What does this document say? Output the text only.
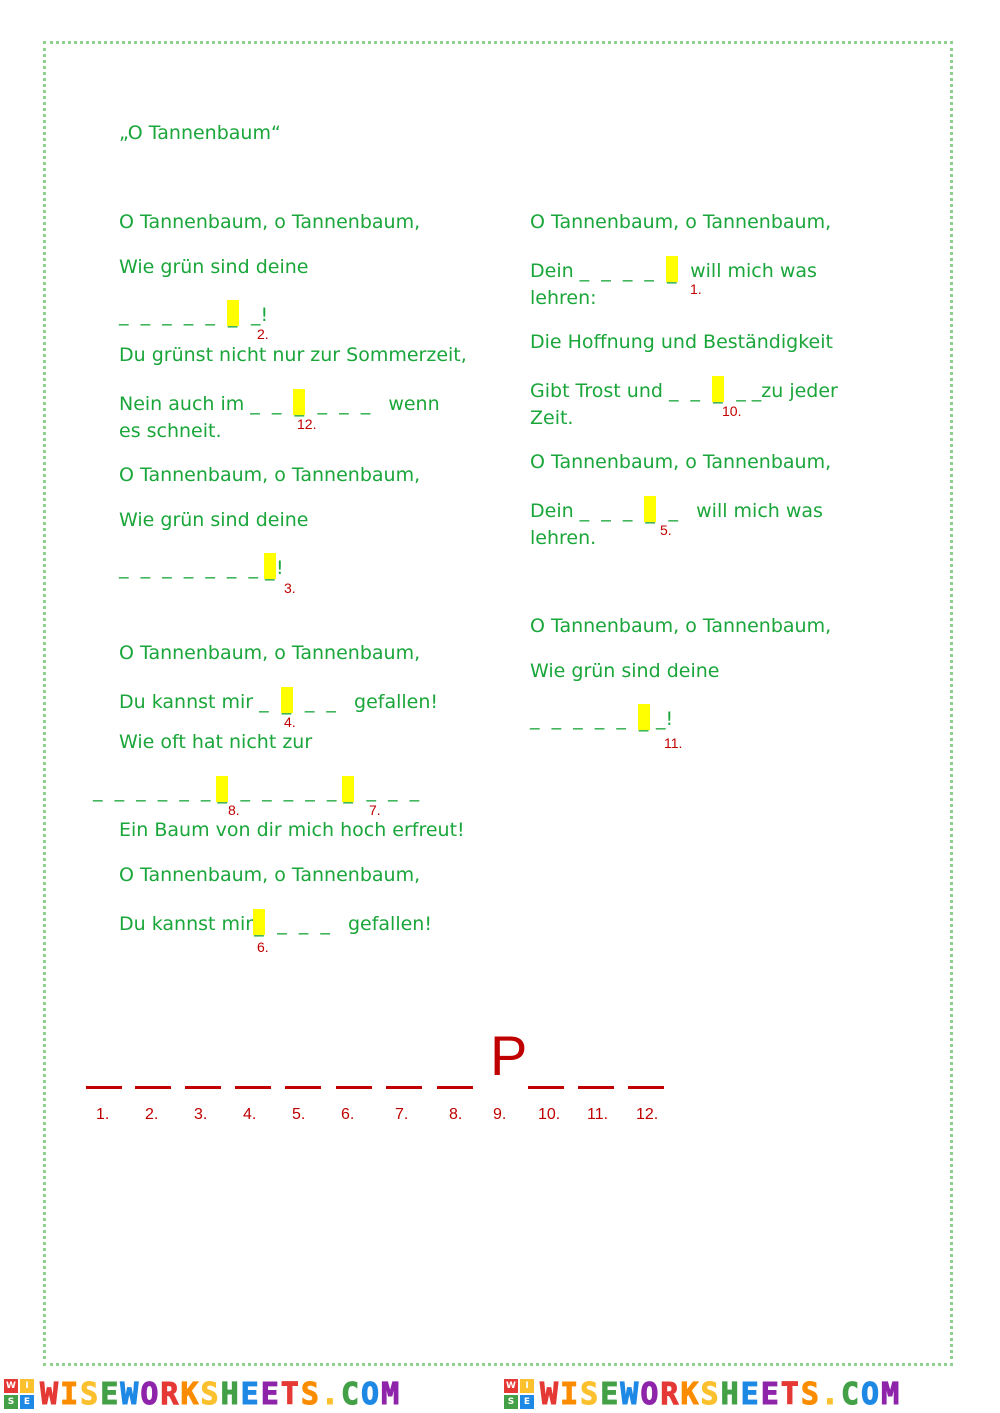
„O Tannenbaum“
O Tannenbaum, o Tannenbaum,
Wie grün sind deine
_  _  _  _  _  _  _!
2.
Du grünst nicht nur zur Sommerzeit,
Nein auch im _  _  _  _  _  _   wenn
12.
es schneit.
O Tannenbaum, o Tannenbaum,
Wie grün sind deine
_  _  _  _  _  _  _ _!
3.
O Tannenbaum, o Tannenbaum,
Du kannst mir _  _  _  _   gefallen!
4.
Wie oft hat nicht zur
_  _  _  _  _  _ _  _  _  _  _  _ _  _  _  _
8.	7.
Ein Baum von dir mich hoch erfreut!
O Tannenbaum, o Tannenbaum,
Du kannst mir_  _  _  _   gefallen!
6.
O Tannenbaum, o Tannenbaum,
Dein _  _  _  _  _  will mich was
1.
lehren:
Die Hoffnung und Beständigkeit
Gibt Trost und _  _  _  _ _zu jeder
10.
Zeit.
O Tannenbaum, o Tannenbaum,
Dein _  _  _  _  _   will mich was
5.
lehren.
O Tannenbaum, o Tannenbaum,
Wie grün sind deine
_  _  _  _  _  _ _!
11.
P
1. 2. 3. 4. 5. 6.	7.	8. 9. 10. 11. 12.
W	I
S	E WISEWORKSHEETS.COM	W	I
S	E WISEWORKSHEETS.COM
